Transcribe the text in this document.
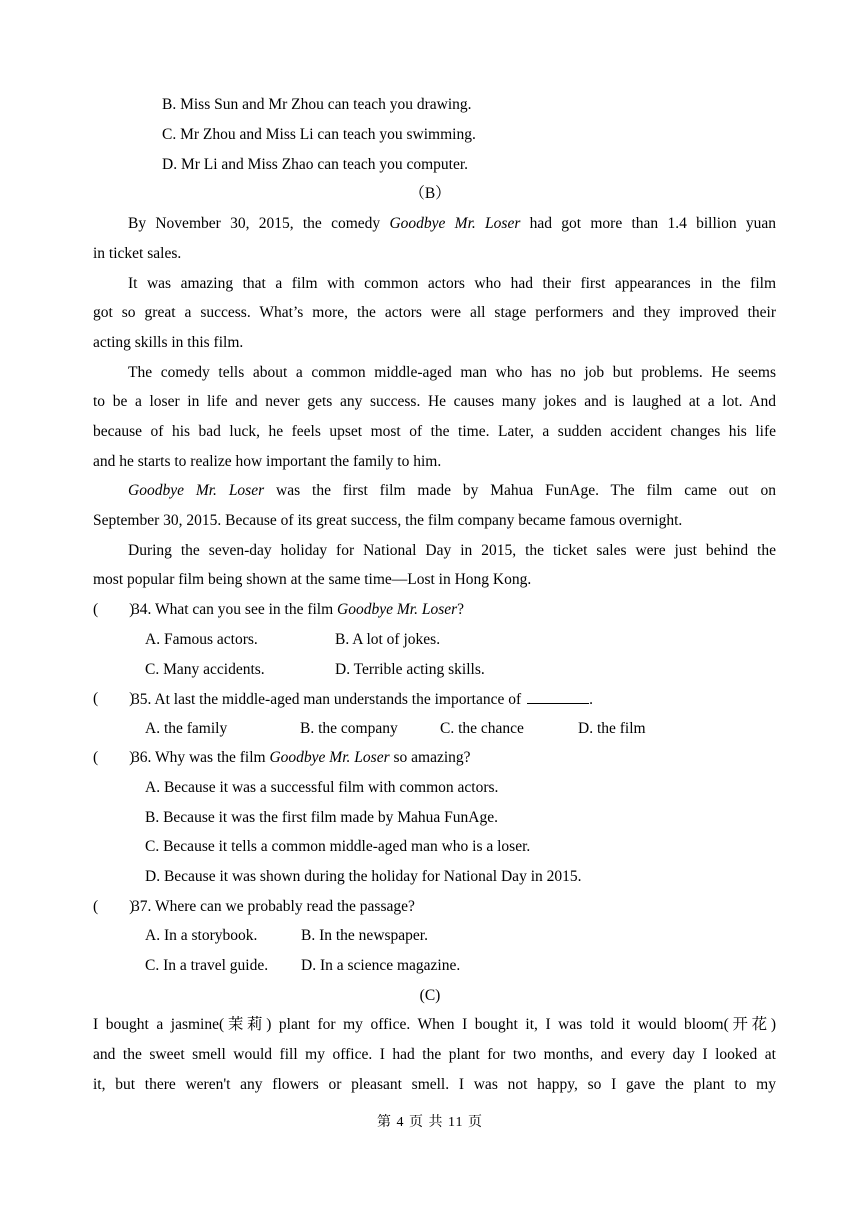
B. Miss Sun and Mr Zhou can teach you drawing.
C. Mr Zhou and Miss Li can teach you swimming.
D. Mr Li and Miss Zhao can teach you computer.
（B）
By November 30, 2015, the comedy Goodbye Mr. Loser had got more than 1.4 billion yuan
in ticket sales.
It was amazing that a film with common actors who had their first appearances in the film
got so great a success. What’s more, the actors were all stage performers and they improved their
acting skills in this film.
The comedy tells about a common middle-aged man who has no job but problems. He seems
to be a loser in life and never gets any success. He causes many jokes and is laughed at a lot. And
because of his bad luck, he feels upset most of the time. Later, a sudden accident changes his life
and he starts to realize how important the family to him.
Goodbye Mr. Loser was the first film made by Mahua FunAge. The film came out on
September 30, 2015. Because of its great success, the film company became famous overnight.
During the seven-day holiday for National Day in 2015, the ticket sales were just behind the
most popular film being shown at the same time—Lost in Hong Kong.
(　　)
34. What can you see in the film Goodbye Mr. Loser?
A. Famous actors.	B. A lot of jokes.
C. Many accidents.	D. Terrible acting skills.
(　　)
35. At last the middle-aged man understands the importance of	.
A. the family	B. the company	C. the chance	D. the film
(　　)
36. Why was the film Goodbye Mr. Loser so amazing?
A. Because it was a successful film with common actors.
B. Because it was the first film made by Mahua FunAge.
C. Because it tells a common middle-aged man who is a loser.
D. Because it was shown during the holiday for National Day in 2015.
(　　)
37. Where can we probably read the passage?
A. In a storybook.	B. In the newspaper.
C. In a travel guide. D. In a science magazine.
(C)
I bought a jasmine(茉莉) plant for my office. When I bought it, I was told it would bloom(开花)
and the sweet smell would fill my office. I had the plant for two months, and every day I looked at
it, but there weren't any flowers or pleasant smell. I was not happy, so I gave the plant to my
第 4 页 共 11 页
